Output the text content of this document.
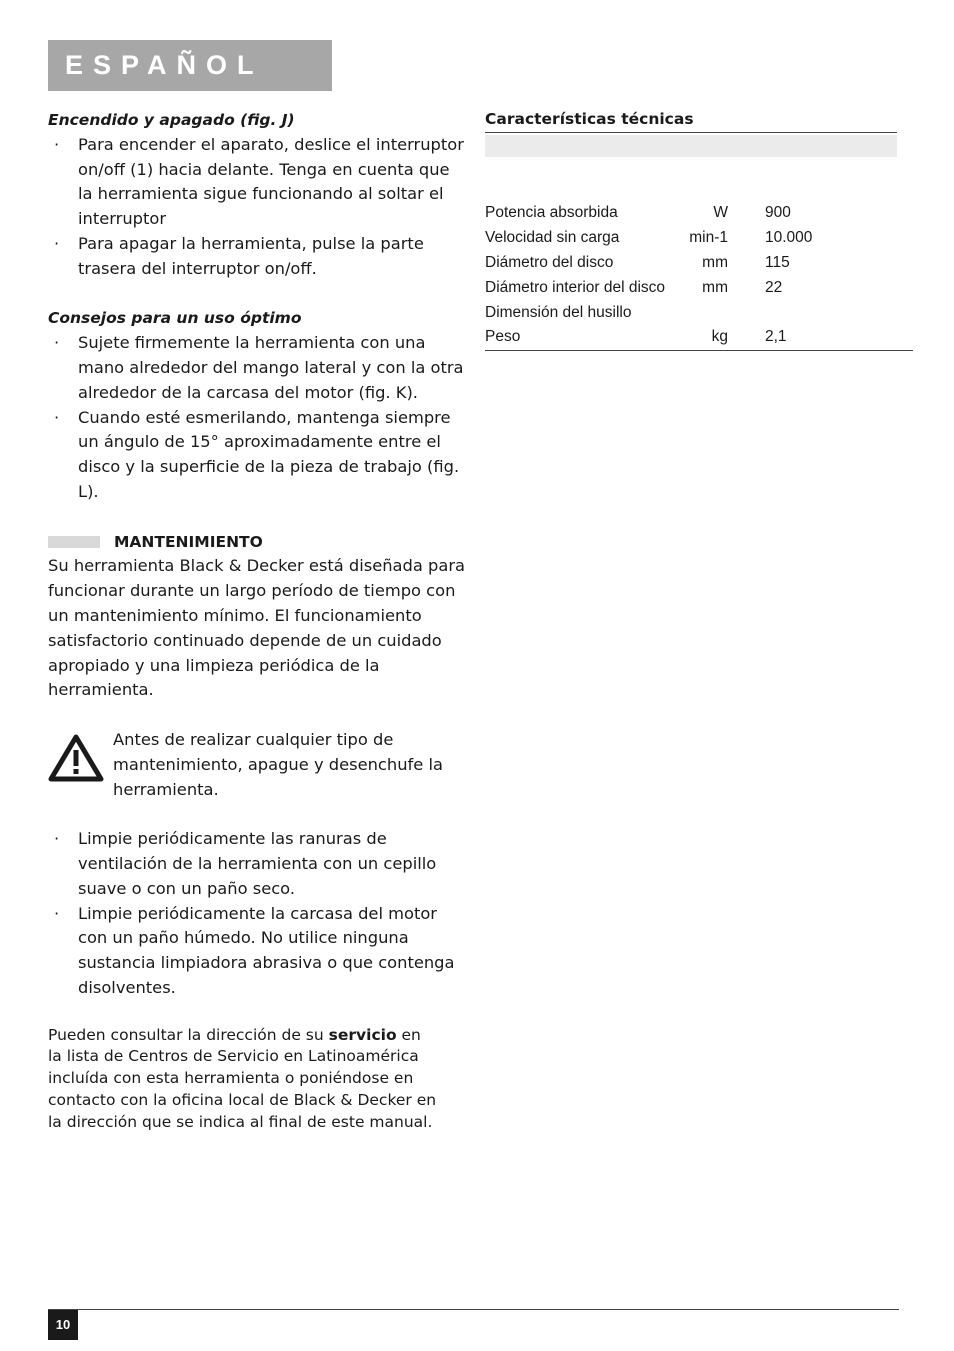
ESPAÑOL

Encendido y apagado (fig. J)

· Para encender el aparato, deslice el interruptor on/off (1) hacia delante. Tenga en cuenta que la herramienta sigue funcionando al soltar el interruptor
· Para apagar la herramienta, pulse la parte trasera del interruptor on/off.

Consejos para un uso óptimo

· Sujete firmemente la herramienta con una mano alrededor del mango lateral y con la otra alrededor de la carcasa del motor (fig. K).
· Cuando esté esmerilando, mantenga siempre un ángulo de 15° aproximadamente entre el disco y la superficie de la pieza de trabajo (fig. L).
MANTENIMIENTO

Su herramienta Black & Decker está diseñada para funcionar durante un largo período de tiempo con un mantenimiento mínimo. El funcionamiento satisfactorio continuado depende de un cuidado apropiado y una limpieza periódica de la herramienta.

Antes de realizar cualquier tipo de mantenimiento, apague y desenchufe la herramienta.

· Limpie periódicamente las ranuras de ventilación de la herramienta con un cepillo suave o con un paño seco.
· Limpie periódicamente la carcasa del motor con un paño húmedo. No utilice ninguna sustancia limpiadora abrasiva o que contenga disolventes.

Pueden consultar la dirección de su servicio en la lista de Centros de Servicio en Latinoamérica incluída con esta herramienta o poniéndose en contacto con la oficina local de Black & Decker en la dirección que se indica al final de este manual.

Características técnicas
Potencia absorbida	W	900
Velocidad sin carga	min-1	10.000
Diámetro del disco	mm	115
Diámetro interior del disco	mm	22
Dimensión del husillo		
Peso	kg	2,1
10
